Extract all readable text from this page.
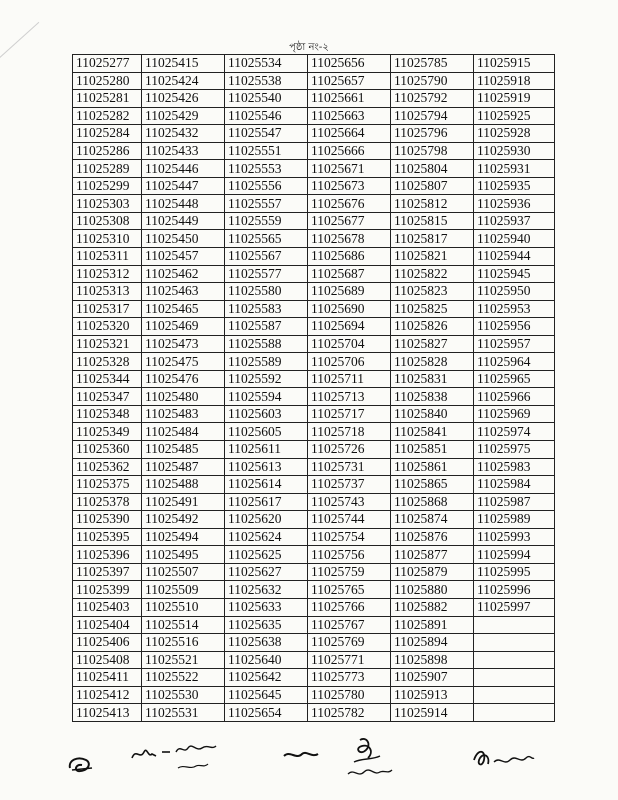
পৃষ্ঠা নং-২
11025277	11025415	11025534	11025656	11025785	11025915
11025280	11025424	11025538	11025657	11025790	11025918
11025281	11025426	11025540	11025661	11025792	11025919
11025282	11025429	11025546	11025663	11025794	11025925
11025284	11025432	11025547	11025664	11025796	11025928
11025286	11025433	11025551	11025666	11025798	11025930
11025289	11025446	11025553	11025671	11025804	11025931
11025299	11025447	11025556	11025673	11025807	11025935
11025303	11025448	11025557	11025676	11025812	11025936
11025308	11025449	11025559	11025677	11025815	11025937
11025310	11025450	11025565	11025678	11025817	11025940
11025311	11025457	11025567	11025686	11025821	11025944
11025312	11025462	11025577	11025687	11025822	11025945
11025313	11025463	11025580	11025689	11025823	11025950
11025317	11025465	11025583	11025690	11025825	11025953
11025320	11025469	11025587	11025694	11025826	11025956
11025321	11025473	11025588	11025704	11025827	11025957
11025328	11025475	11025589	11025706	11025828	11025964
11025344	11025476	11025592	11025711	11025831	11025965
11025347	11025480	11025594	11025713	11025838	11025966
11025348	11025483	11025603	11025717	11025840	11025969
11025349	11025484	11025605	11025718	11025841	11025974
11025360	11025485	11025611	11025726	11025851	11025975
11025362	11025487	11025613	11025731	11025861	11025983
11025375	11025488	11025614	11025737	11025865	11025984
11025378	11025491	11025617	11025743	11025868	11025987
11025390	11025492	11025620	11025744	11025874	11025989
11025395	11025494	11025624	11025754	11025876	11025993
11025396	11025495	11025625	11025756	11025877	11025994
11025397	11025507	11025627	11025759	11025879	11025995
11025399	11025509	11025632	11025765	11025880	11025996
11025403	11025510	11025633	11025766	11025882	11025997
11025404	11025514	11025635	11025767	11025891	
11025406	11025516	11025638	11025769	11025894	
11025408	11025521	11025640	11025771	11025898	
11025411	11025522	11025642	11025773	11025907	
11025412	11025530	11025645	11025780	11025913	
11025413	11025531	11025654	11025782	11025914	
